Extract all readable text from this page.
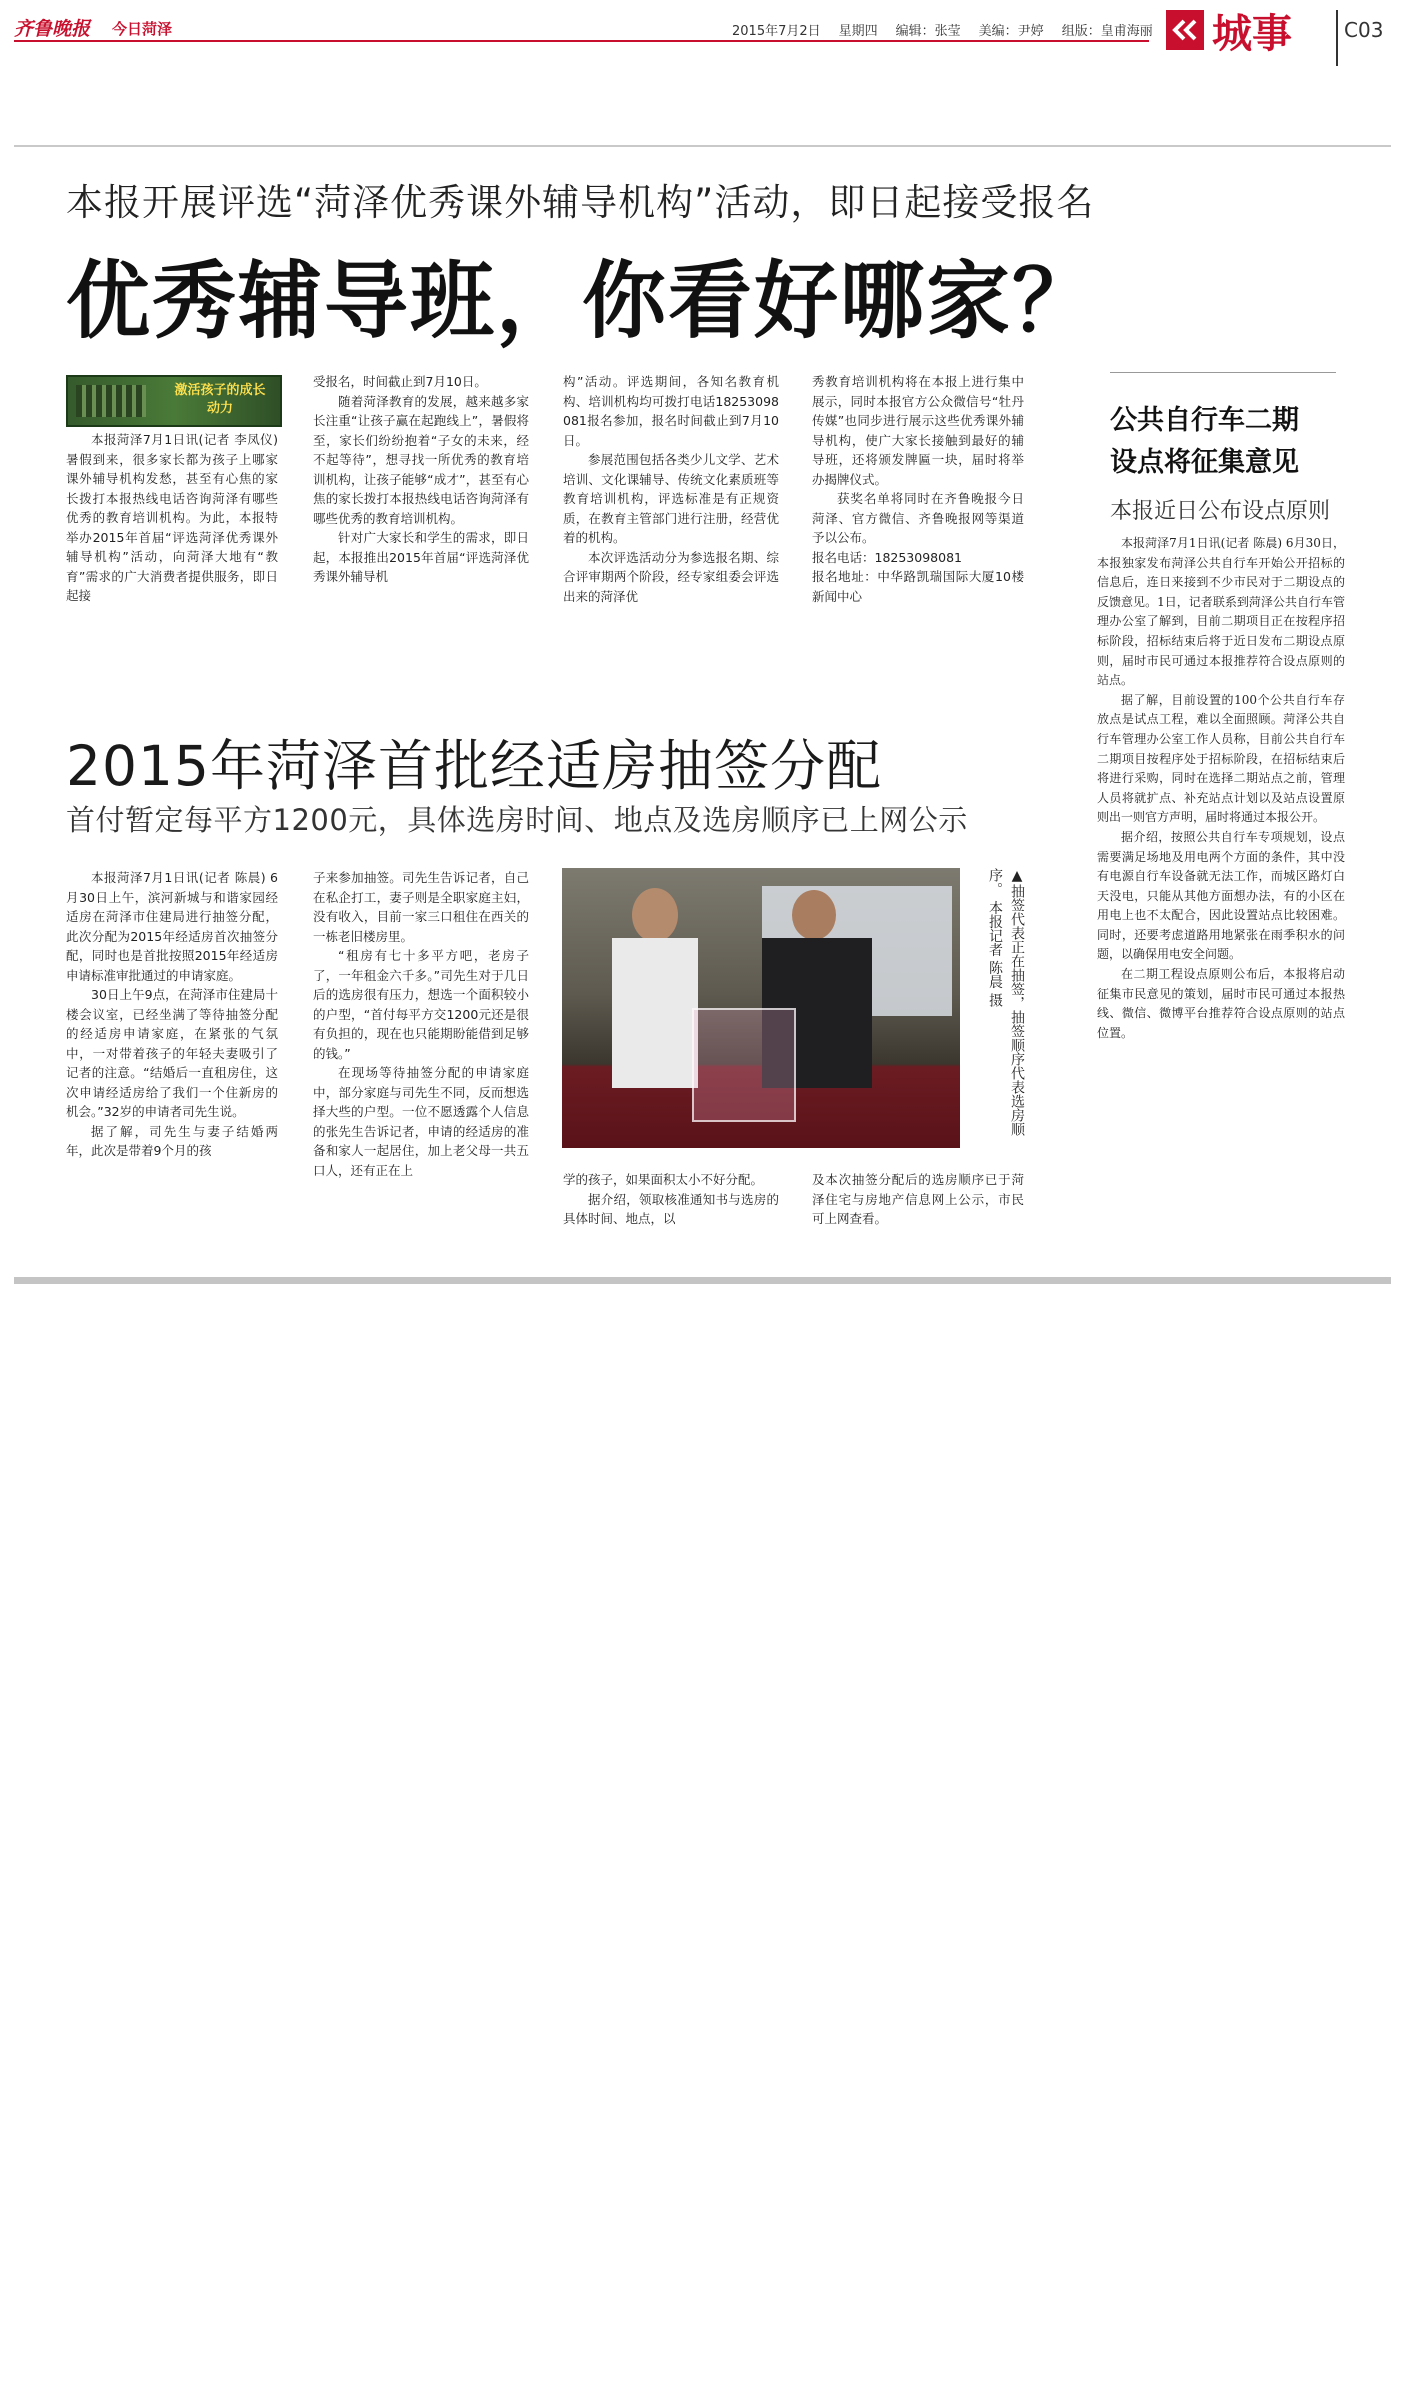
齐鲁晚报 今日菏泽	2015年7月2日 星期四 编辑：张莹 美编：尹婷 组版：皇甫海丽 城事	C03
本报开展评选“菏泽优秀课外辅导机构”活动，即日起接受报名
优秀辅导班，你看好哪家？
激活孩子的成长动力

本报菏泽7月1日讯(记者 李凤仪) 暑假到来，很多家长都为孩子上哪家课外辅导机构发愁，甚至有心焦的家长拨打本报热线电话咨询菏泽有哪些优秀的教育培训机构。为此，本报特举办2015年首届“评选菏泽优秀课外辅导机构”活动，向菏泽大地有“教育”需求的广大消费者提供服务，即日起接

受报名，时间截止到7月10日。

随着菏泽教育的发展，越来越多家长注重“让孩子赢在起跑线上”，暑假将至，家长们纷纷抱着“子女的未来，经不起等待”，想寻找一所优秀的教育培训机构，让孩子能够“成才”，甚至有心焦的家长拨打本报热线电话咨询菏泽有哪些优秀的教育培训机构。

针对广大家长和学生的需求，即日起，本报推出2015年首届“评选菏泽优秀课外辅导机

构”活动。评选期间，各知名教育机构、培训机构均可拨打电话18253098081报名参加，报名时间截止到7月10日。

参展范围包括各类少儿文学、艺术培训、文化课辅导、传统文化素质班等教育培训机构，评选标准是有正规资质，在教育主管部门进行注册，经营优着的机构。

本次评选活动分为参选报名期、综合评审期两个阶段，经专家组委会评选出来的菏泽优

秀教育培训机构将在本报上进行集中展示，同时本报官方公众微信号“牡丹传媒”也同步进行展示这些优秀课外辅导机构，使广大家长接触到最好的辅导班，还将颁发牌匾一块，届时将举办揭牌仪式。

获奖名单将同时在齐鲁晚报今日菏泽、官方微信、齐鲁晚报网等渠道予以公布。

报名电话：18253098081

报名地址：中华路凯瑞国际大厦10楼新闻中心

公共自行车二期
设点将征集意见
本报近日公布设点原则

本报菏泽7月1日讯(记者 陈晨) 6月30日，本报独家发布菏泽公共自行车开始公开招标的信息后，连日来接到不少市民对于二期设点的反馈意见。1日，记者联系到菏泽公共自行车管理办公室了解到，目前二期项目正在按程序招标阶段，招标结束后将于近日发布二期设点原则，届时市民可通过本报推荐符合设点原则的站点。

据了解，目前设置的100个公共自行车存放点是试点工程，难以全面照顾。菏泽公共自行车管理办公室工作人员称，目前公共自行车二期项目按程序处于招标阶段，在招标结束后将进行采购，同时在选择二期站点之前，管理人员将就扩点、补充站点计划以及站点设置原则出一则官方声明，届时将通过本报公开。

据介绍，按照公共自行车专项规划，设点需要满足场地及用电两个方面的条件，其中没有电源自行车设备就无法工作，而城区路灯白天没电，只能从其他方面想办法，有的小区在用电上也不太配合，因此设置站点比较困难。同时，还要考虑道路用地紧张在雨季积水的问题，以确保用电安全问题。

在二期工程设点原则公布后，本报将启动征集市民意见的策划，届时市民可通过本报热线、微信、微博平台推荐符合设点原则的站点位置。

2015年菏泽首批经适房抽签分配
首付暂定每平方1200元，具体选房时间、地点及选房顺序已上网公示

本报菏泽7月1日讯(记者 陈晨) 6月30日上午，滨河新城与和谐家园经适房在菏泽市住建局进行抽签分配，此次分配为2015年经适房首次抽签分配，同时也是首批按照2015年经适房申请标准审批通过的申请家庭。

30日上午9点，在菏泽市住建局十楼会议室，已经坐满了等待抽签分配的经适房申请家庭，在紧张的气氛中，一对带着孩子的年轻夫妻吸引了记者的注意。“结婚后一直租房住，这次申请经适房给了我们一个住新房的机会。”32岁的申请者司先生说。

据了解，司先生与妻子结婚两年，此次是带着9个月的孩

子来参加抽签。司先生告诉记者，自己在私企打工，妻子则是全职家庭主妇，没有收入，目前一家三口租住在西关的一栋老旧楼房里。

“租房有七十多平方吧，老房子了，一年租金六千多。”司先生对于几日后的选房很有压力，想选一个面积较小的户型，“首付每平方交1200元还是很有负担的，现在也只能期盼能借到足够的钱。”

在现场等待抽签分配的申请家庭中，部分家庭与司先生不同，反而想选择大些的户型。一位不愿透露个人信息的张先生告诉记者，申请的经适房的准备和家人一起居住，加上老父母一共五口人，还有正在上

▲抽签代表正在抽签，抽签顺序代表选房顺序。 本报记者 陈晨 摄

学的孩子，如果面积太小不好分配。

据介绍，领取核准通知书与选房的具体时间、地点，以

及本次抽签分配后的选房顺序已于菏泽住宅与房地产信息网上公示，市民可上网查看。
